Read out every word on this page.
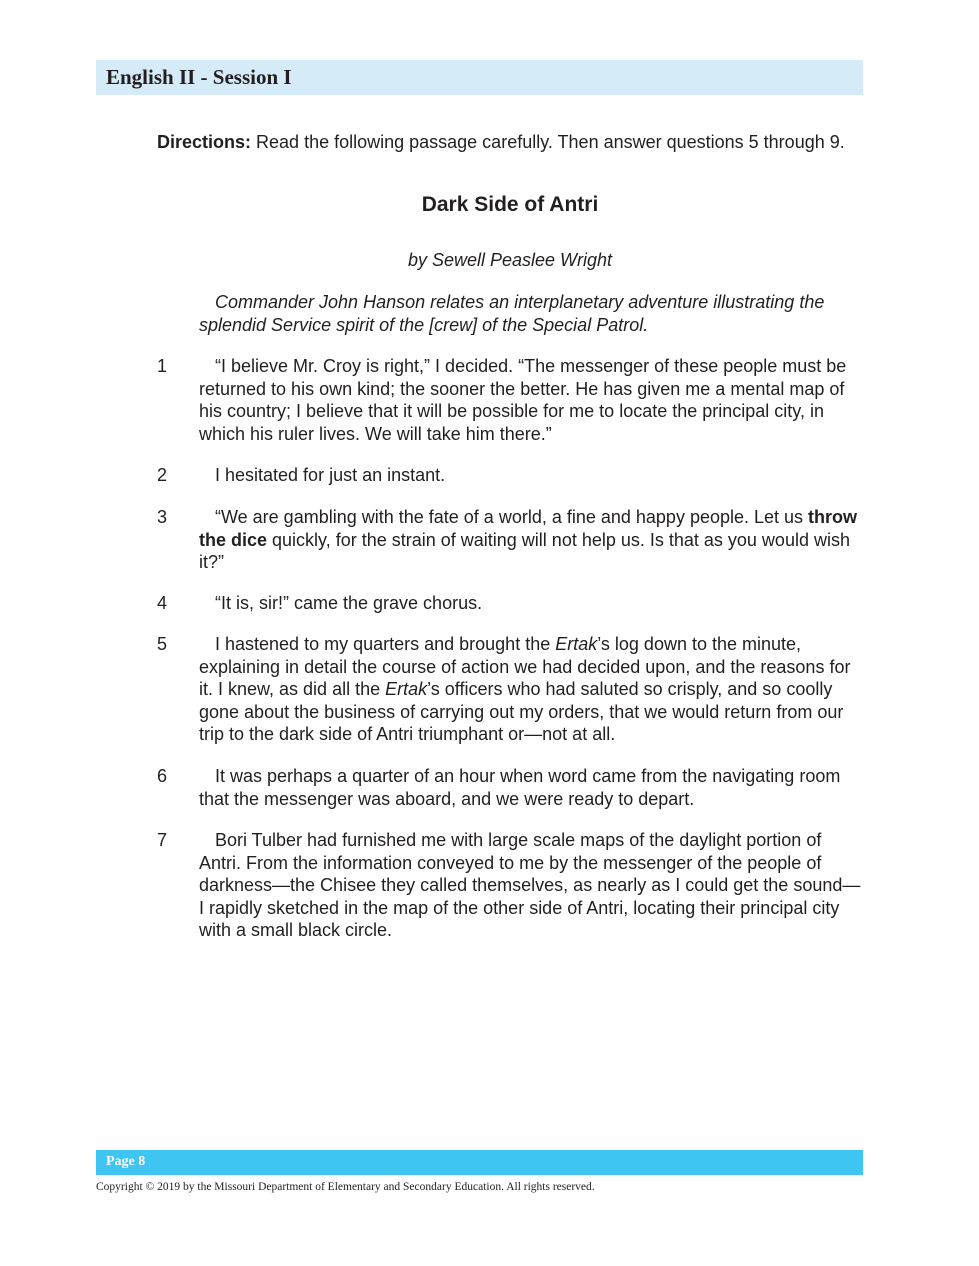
English II - Session I

Directions: Read the following passage carefully. Then answer questions 5 through 9.

Dark Side of Antri

by Sewell Peaslee Wright

Commander John Hanson relates an interplanetary adventure illustrating the splendid Service spirit of the [crew] of the Special Patrol.

1	“I believe Mr. Croy is right,” I decided. “The messenger of these people must be returned to his own kind; the sooner the better. He has given me a mental map of his country; I believe that it will be possible for me to locate the principal city, in which his ruler lives. We will take him there.”

2	I hesitated for just an instant.

3	“We are gambling with the fate of a world, a fine and happy people. Let us throw the dice quickly, for the strain of waiting will not help us. Is that as you would wish it?”

4	“It is, sir!” came the grave chorus.

5	I hastened to my quarters and brought the Ertak’s log down to the minute, explaining in detail the course of action we had decided upon, and the reasons for it. I knew, as did all the Ertak’s officers who had saluted so crisply, and so coolly gone about the business of carrying out my orders, that we would return from our trip to the dark side of Antri triumphant or—not at all.

6	It was perhaps a quarter of an hour when word came from the navigating room that the messenger was aboard, and we were ready to depart.

7	Bori Tulber had furnished me with large scale maps of the daylight portion of Antri. From the information conveyed to me by the messenger of the people of darkness—the Chisee they called themselves, as nearly as I could get the sound—I rapidly sketched in the map of the other side of Antri, locating their principal city with a small black circle.

Page 8

Copyright © 2019 by the Missouri Department of Elementary and Secondary Education. All rights reserved.
